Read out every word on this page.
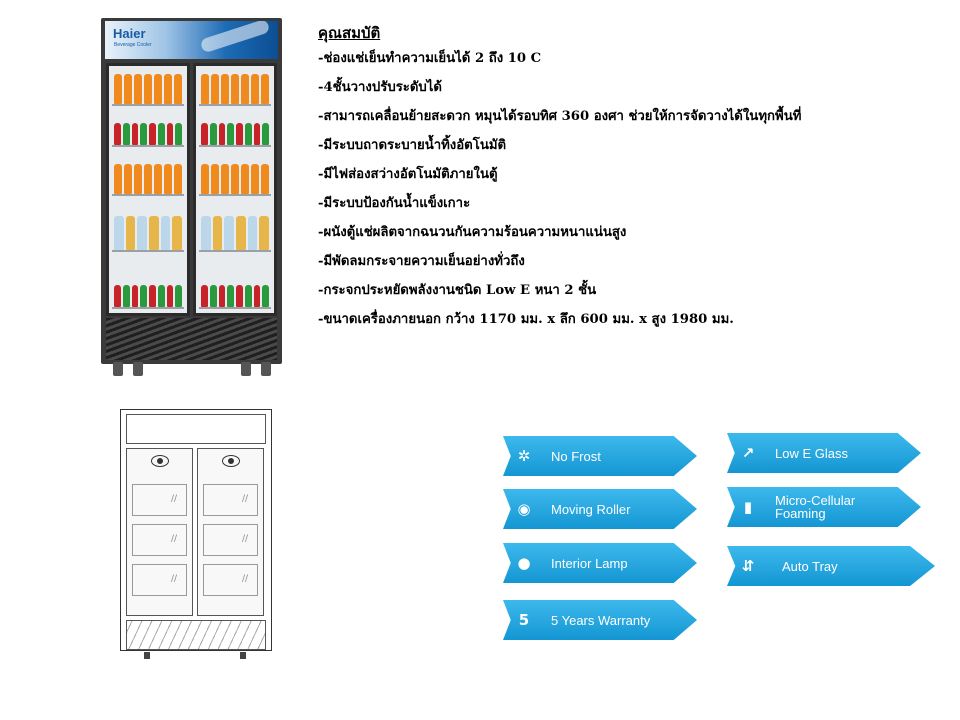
Haier
Beverage Cooler
∕∕
∕∕
∕∕
∕∕
∕∕
∕∕
คุณสมบัติ
-ช่องแช่เย็นทำความเย็นได้ 2 ถึง 10 C
-4ชั้นวางปรับระดับได้
-สามารถเคลื่อนย้ายสะดวก หมุนได้รอบทิศ 360 องศา ช่วยให้การจัดวางได้ในทุกพื้นที่
-มีระบบถาดระบายน้ำทิ้งอัตโนมัติ
-มีไฟส่องสว่างอัตโนมัติภายในตู้
-มีระบบป้องกันน้ำแข็งเกาะ
-ผนังตู้แช่ผลิตจากฉนวนกันความร้อนความหนาแน่นสูง
-มีพัดลมกระจายความเย็นอย่างทั่วถึง
-กระจกประหยัดพลังงานชนิด Low E หนา 2 ชั้น
-ขนาดเครื่องภายนอก กว้าง 1170 มม. x ลึก 600 มม. x สูง 1980 มม.
✲	No Frost
◉	Moving Roller
●	Interior Lamp
5	5 Years Warranty
↗	Low E Glass
▮	Micro-Cellular Foaming
⇵	Auto Tray
